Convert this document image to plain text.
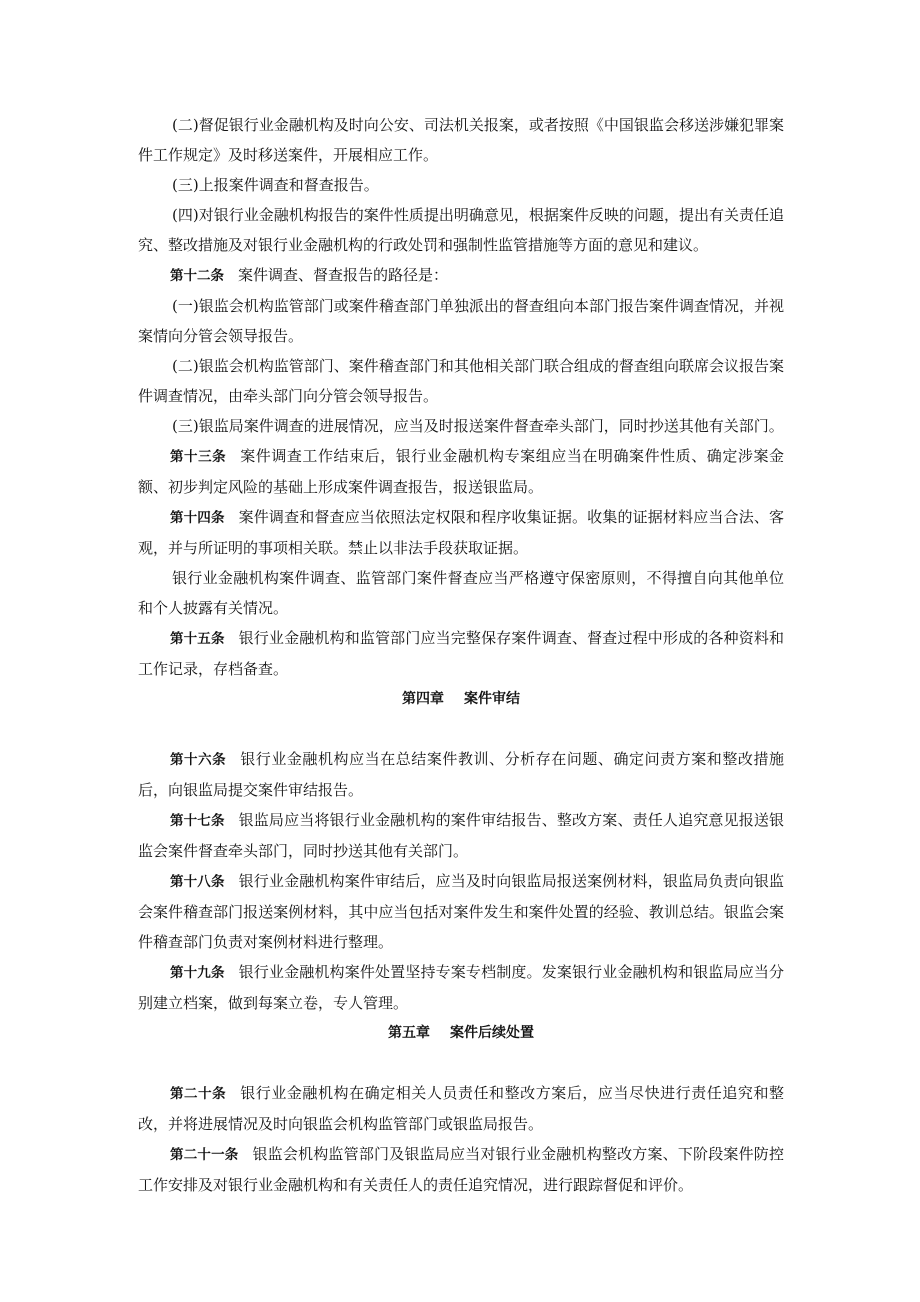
(二)督促银行业金融机构及时向公安、司法机关报案，或者按照《中国银监会移送涉嫌犯罪案件工作规定》及时移送案件，开展相应工作。

(三)上报案件调查和督查报告。

(四)对银行业金融机构报告的案件性质提出明确意见，根据案件反映的问题，提出有关责任追究、整改措施及对银行业金融机构的行政处罚和强制性监管措施等方面的意见和建议。

第十二条 案件调查、督查报告的路径是：

(一)银监会机构监管部门或案件稽查部门单独派出的督查组向本部门报告案件调查情况，并视案情向分管会领导报告。

(二)银监会机构监管部门、案件稽查部门和其他相关部门联合组成的督查组向联席会议报告案件调查情况，由牵头部门向分管会领导报告。

(三)银监局案件调查的进展情况，应当及时报送案件督查牵头部门，同时抄送其他有关部门。

第十三条 案件调查工作结束后，银行业金融机构专案组应当在明确案件性质、确定涉案金额、初步判定风险的基础上形成案件调查报告，报送银监局。

第十四条 案件调查和督查应当依照法定权限和程序收集证据。收集的证据材料应当合法、客观，并与所证明的事项相关联。禁止以非法手段获取证据。

银行业金融机构案件调查、监管部门案件督查应当严格遵守保密原则，不得擅自向其他单位和个人披露有关情况。

第十五条 银行业金融机构和监管部门应当完整保存案件调查、督查过程中形成的各种资料和工作记录，存档备查。

第四章 案件审结

第十六条 银行业金融机构应当在总结案件教训、分析存在问题、确定问责方案和整改措施后，向银监局提交案件审结报告。

第十七条 银监局应当将银行业金融机构的案件审结报告、整改方案、责任人追究意见报送银监会案件督查牵头部门，同时抄送其他有关部门。

第十八条 银行业金融机构案件审结后，应当及时向银监局报送案例材料，银监局负责向银监会案件稽查部门报送案例材料，其中应当包括对案件发生和案件处置的经验、教训总结。银监会案件稽查部门负责对案例材料进行整理。

第十九条 银行业金融机构案件处置坚持专案专档制度。发案银行业金融机构和银监局应当分别建立档案，做到每案立卷，专人管理。

第五章 案件后续处置

第二十条 银行业金融机构在确定相关人员责任和整改方案后，应当尽快进行责任追究和整改，并将进展情况及时向银监会机构监管部门或银监局报告。

第二十一条 银监会机构监管部门及银监局应当对银行业金融机构整改方案、下阶段案件防控工作安排及对银行业金融机构和有关责任人的责任追究情况，进行跟踪督促和评价。
